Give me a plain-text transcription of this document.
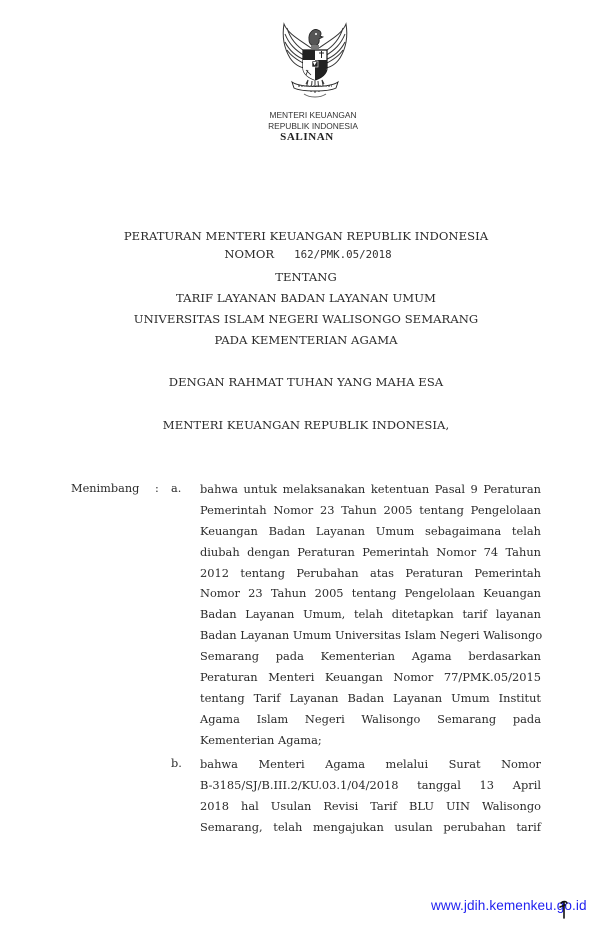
MENTERI KEUANGAN
REPUBLIK INDONESIA
SALINAN
PERATURAN MENTERI KEUANGAN REPUBLIK INDONESIA
NOMOR 162/PMK.05/2018
TENTANG
TARIF LAYANAN BADAN LAYANAN UMUM
UNIVERSITAS ISLAM NEGERI WALISONGO SEMARANG
PADA KEMENTERIAN AGAMA
DENGAN RAHMAT TUHAN YANG MAHA ESA
MENTERI KEUANGAN REPUBLIK INDONESIA,
Menimbang : a. bahwa untuk melaksanakan ketentuan Pasal 9 Peraturan
Pemerintah Nomor 23 Tahun 2005 tentang Pengelolaan
Keuangan Badan Layanan Umum sebagaimana telah
diubah dengan Peraturan Pemerintah Nomor 74 Tahun
2012 tentang Perubahan atas Peraturan Pemerintah
Nomor 23 Tahun 2005 tentang Pengelolaan Keuangan
Badan Layanan Umum, telah ditetapkan tarif layanan
Badan Layanan Umum Universitas Islam Negeri Walisongo
Semarang pada Kementerian Agama berdasarkan
Peraturan Menteri Keuangan Nomor 77/PMK.05/2015
tentang Tarif Layanan Badan Layanan Umum Institut
Agama Islam Negeri Walisongo Semarang pada
Kementerian Agama;
b. bahwa Menteri Agama melalui Surat Nomor
B-3185/SJ/B.III.2/KU.03.1/04/2018 tanggal 13 April
2018 hal Usulan Revisi Tarif BLU UIN Walisongo
Semarang, telah mengajukan usulan perubahan tarif
www.jdih.kemenkeu.go.id
